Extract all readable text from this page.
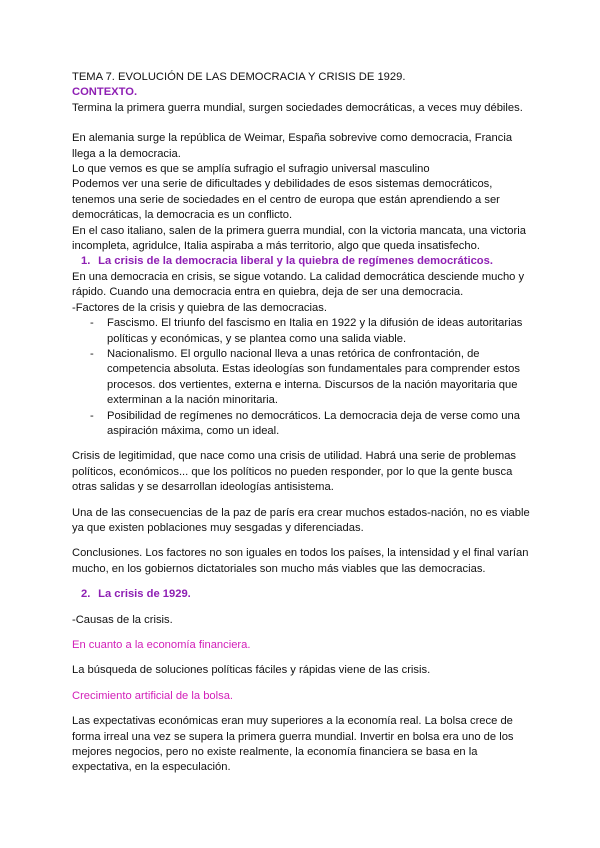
TEMA 7. EVOLUCIÓN DE LAS DEMOCRACIA Y CRISIS DE 1929.

CONTEXTO.

Termina la primera guerra mundial, surgen sociedades democráticas, a veces muy débiles.

En alemania surge la república de Weimar, España sobrevive como democracia, Francia llega a la democracia.

Lo que vemos es que se amplía sufragio el sufragio universal masculino

Podemos ver una serie de dificultades y debilidades de esos sistemas democráticos, tenemos una serie de sociedades en el centro de europa que están aprendiendo a ser democráticas, la democracia es un conflicto.

En el caso italiano, salen de la primera guerra mundial, con la victoria mancata, una victoria incompleta, agridulce, Italia aspiraba a más territorio, algo que queda insatisfecho.

1. La crisis de la democracia liberal y la quiebra de regímenes democráticos.

En una democracia en crisis, se sigue votando. La calidad democrática desciende mucho y rápido. Cuando una democracia entra en quiebra, deja de ser una democracia.

-Factores de la crisis y quiebra de las democracias.

- Fascismo. El triunfo del fascismo en Italia en 1922 y la difusión de ideas autoritarias políticas y económicas, y se plantea como una salida viable.
- Nacionalismo. El orgullo nacional lleva a unas retórica de confrontación, de competencia absoluta. Estas ideologías son fundamentales para comprender estos procesos. dos vertientes, externa e interna. Discursos de la nación mayoritaria que exterminan a la nación minoritaria.
- Posibilidad de regímenes no democráticos. La democracia deja de verse como una aspiración máxima, como un ideal.

Crisis de legitimidad, que nace como una crisis de utilidad. Habrá una serie de problemas políticos, económicos... que los políticos no pueden responder, por lo que la gente busca otras salidas y se desarrollan ideologías antisistema.

Una de las consecuencias de la paz de parís era crear muchos estados-nación, no es viable ya que existen poblaciones muy sesgadas y diferenciadas.

Conclusiones. Los factores no son iguales en todos los países, la intensidad y el final varían mucho, en los gobiernos dictatoriales son mucho más viables que las democracias.

2. La crisis de 1929.

-Causas de la crisis.

En cuanto a la economía financiera.

La búsqueda de soluciones políticas fáciles y rápidas viene de las crisis.

Crecimiento artificial de la bolsa.

Las expectativas económicas eran muy superiores a la economía real. La bolsa crece de forma irreal una vez se supera la primera guerra mundial. Invertir en bolsa era uno de los mejores negocios, pero no existe realmente, la economía financiera se basa en la expectativa, en la especulación.
